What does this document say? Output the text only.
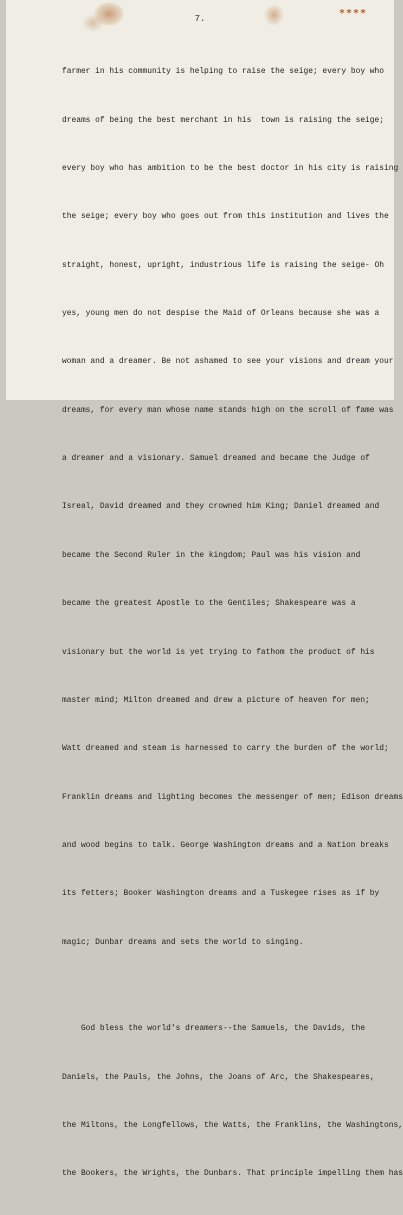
****
7.

farmer in his community is helping to raise the seige; every boy who

dreams of being the best merchant in his  town is raising the seige;

every boy who has ambition to be the best doctor in his city is raising

the seige; every boy who goes out from this institution and lives the

straight, honest, upright, industrious life is raising the seige- Oh

yes, young men do not despise the Maid of Orleans because she was a

woman and a dreamer. Be not ashamed to see your visions and dream your

dreams, for every man whose name stands high on the scroll of fame was

a dreamer and a visionary. Samuel dreamed and became the Judge of

Isreal, David dreamed and they crowned him King; Daniel dreamed and

became the Second Ruler in the kingdom; Paul was his vision and

became the greatest Apostle to the Gentiles; Shakespeare was a

visionary but the world is yet trying to fathom the product of his

master mind; Milton dreamed and drew a picture of heaven for men;

Watt dreamed and steam is harnessed to carry the burden of the world;

Franklin dreams and lighting becomes the messenger of men; Edison dreams

and wood begins to talk. George Washington dreams and a Nation breaks

its fetters; Booker Washington dreams and a Tuskegee rises as if by

magic; Dunbar dreams and sets the world to singing.

God bless the world's dreamers--the Samuels, the Davids, the

Daniels, the Pauls, the Johns, the Joans of Arc, the Shakespeares,

the Miltons, the Longfellows, the Watts, the Franklins, the Washingtons,

the Bookers, the Wrights, the Dunbars. That principle impelling them has
